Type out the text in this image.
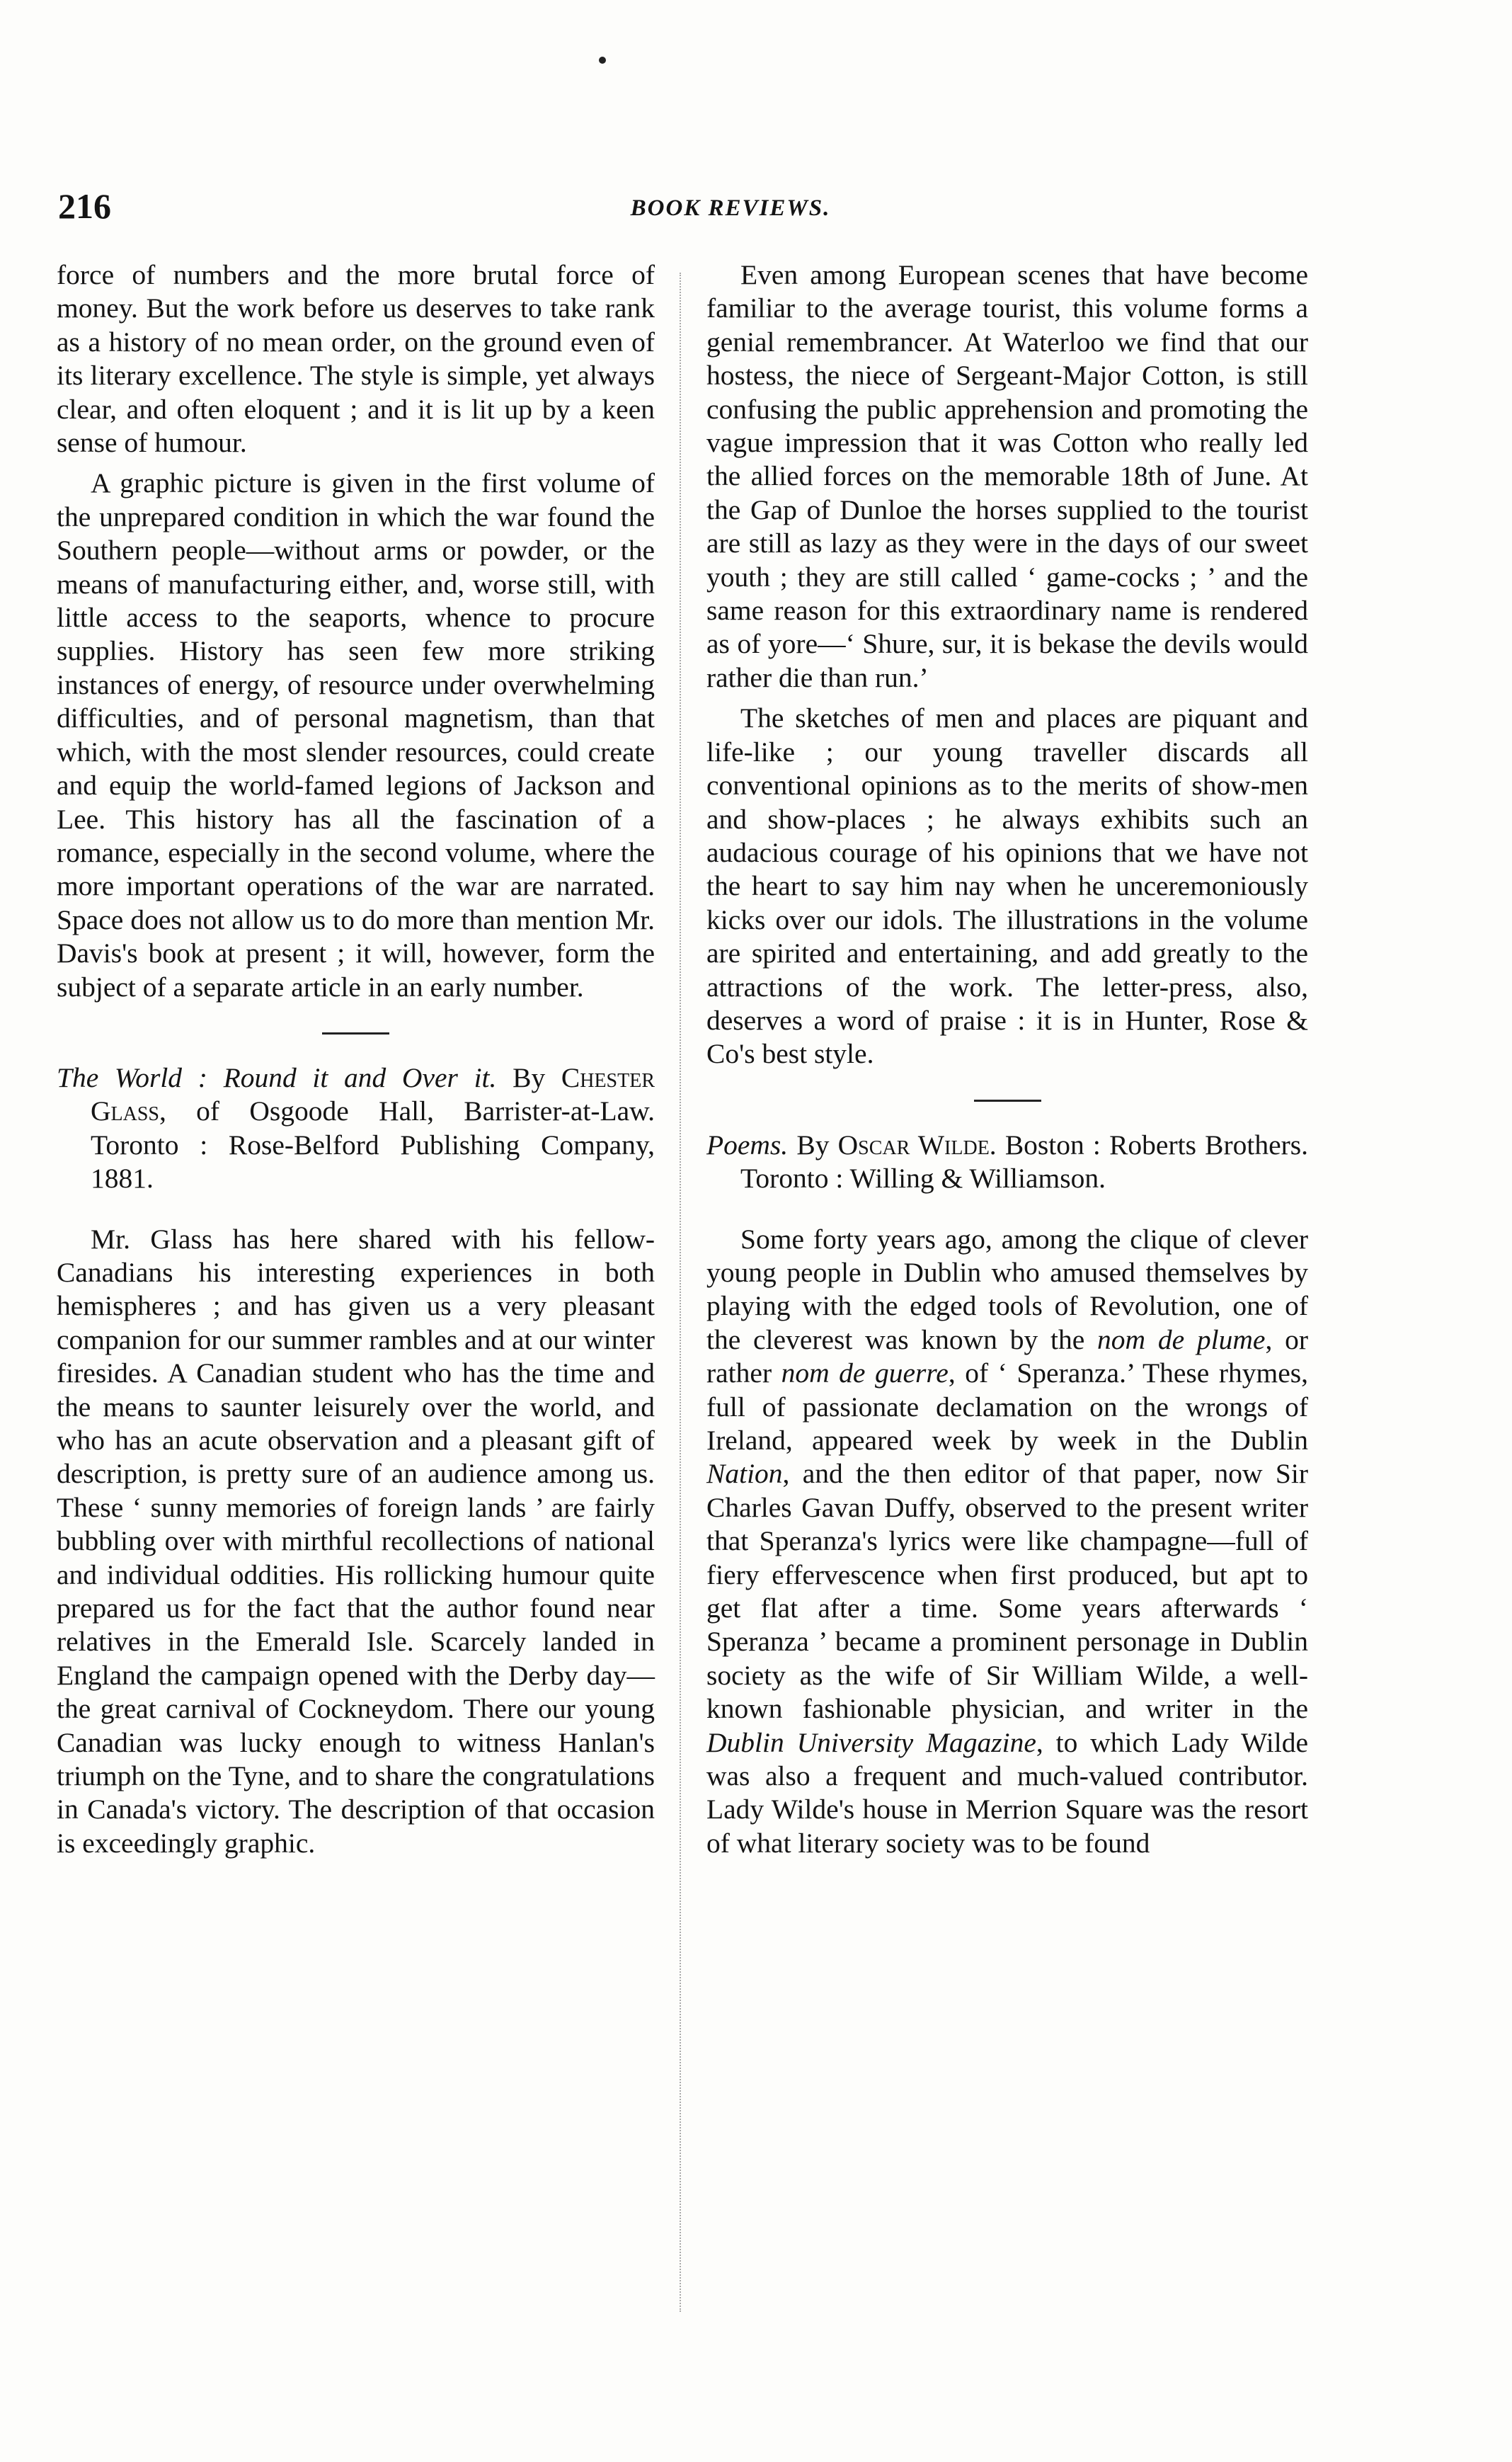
216	BOOK REVIEWS.

force of numbers and the more brutal force of money. But the work before us deserves to take rank as a history of no mean order, on the ground even of its literary excellence. The style is simple, yet always clear, and often eloquent ; and it is lit up by a keen sense of humour.

A graphic picture is given in the first volume of the unprepared condition in which the war found the Southern people—without arms or powder, or the means of manufacturing either, and, worse still, with little access to the seaports, whence to procure supplies. History has seen few more striking instances of energy, of resource under overwhelming difficulties, and of personal magnetism, than that which, with the most slender resources, could create and equip the world-famed legions of Jackson and Lee. This history has all the fascination of a romance, especially in the second volume, where the more important operations of the war are narrated. Space does not allow us to do more than mention Mr. Davis's book at present ; it will, however, form the subject of a separate article in an early number.

The World : Round it and Over it. By Chester Glass, of Osgoode Hall, Barrister-at-Law. Toronto : Rose-Belford Publishing Company, 1881.

Mr. Glass has here shared with his fellow-Canadians his interesting experiences in both hemispheres ; and has given us a very pleasant companion for our summer rambles and at our winter firesides. A Canadian student who has the time and the means to saunter leisurely over the world, and who has an acute observation and a pleasant gift of description, is pretty sure of an audience among us. These ‘ sunny memories of foreign lands ’ are fairly bubbling over with mirthful recollections of national and individual oddities. His rollicking humour quite prepared us for the fact that the author found near relatives in the Emerald Isle. Scarcely landed in England the campaign opened with the Derby day—the great carnival of Cockneydom. There our young Canadian was lucky enough to witness Hanlan's triumph on the Tyne, and to share the congratulations in Canada's victory. The description of that occasion is exceedingly graphic.

Even among European scenes that have become familiar to the average tourist, this volume forms a genial remembrancer. At Waterloo we find that our hostess, the niece of Sergeant-Major Cotton, is still confusing the public apprehension and promoting the vague impression that it was Cotton who really led the allied forces on the memorable 18th of June. At the Gap of Dunloe the horses supplied to the tourist are still as lazy as they were in the days of our sweet youth ; they are still called ‘ game-cocks ; ’ and the same reason for this extraordinary name is rendered as of yore—‘ Shure, sur, it is bekase the devils would rather die than run.’

The sketches of men and places are piquant and life-like ; our young traveller discards all conventional opinions as to the merits of show-men and show-places ; he always exhibits such an audacious courage of his opinions that we have not the heart to say him nay when he unceremoniously kicks over our idols. The illustrations in the volume are spirited and entertaining, and add greatly to the attractions of the work. The letter-press, also, deserves a word of praise : it is in Hunter, Rose & Co's best style.

Poems. By Oscar Wilde. Boston : Roberts Brothers. Toronto : Willing & Williamson.

Some forty years ago, among the clique of clever young people in Dublin who amused themselves by playing with the edged tools of Revolution, one of the cleverest was known by the nom de plume, or rather nom de guerre, of ‘ Speranza.’ These rhymes, full of passionate declamation on the wrongs of Ireland, appeared week by week in the Dublin Nation, and the then editor of that paper, now Sir Charles Gavan Duffy, observed to the present writer that Speranza's lyrics were like champagne—full of fiery effervescence when first produced, but apt to get flat after a time. Some years afterwards ‘ Speranza ’ became a prominent personage in Dublin society as the wife of Sir William Wilde, a well-known fashionable physician, and writer in the Dublin University Magazine, to which Lady Wilde was also a frequent and much-valued contributor. Lady Wilde's house in Merrion Square was the resort of what literary society was to be found
